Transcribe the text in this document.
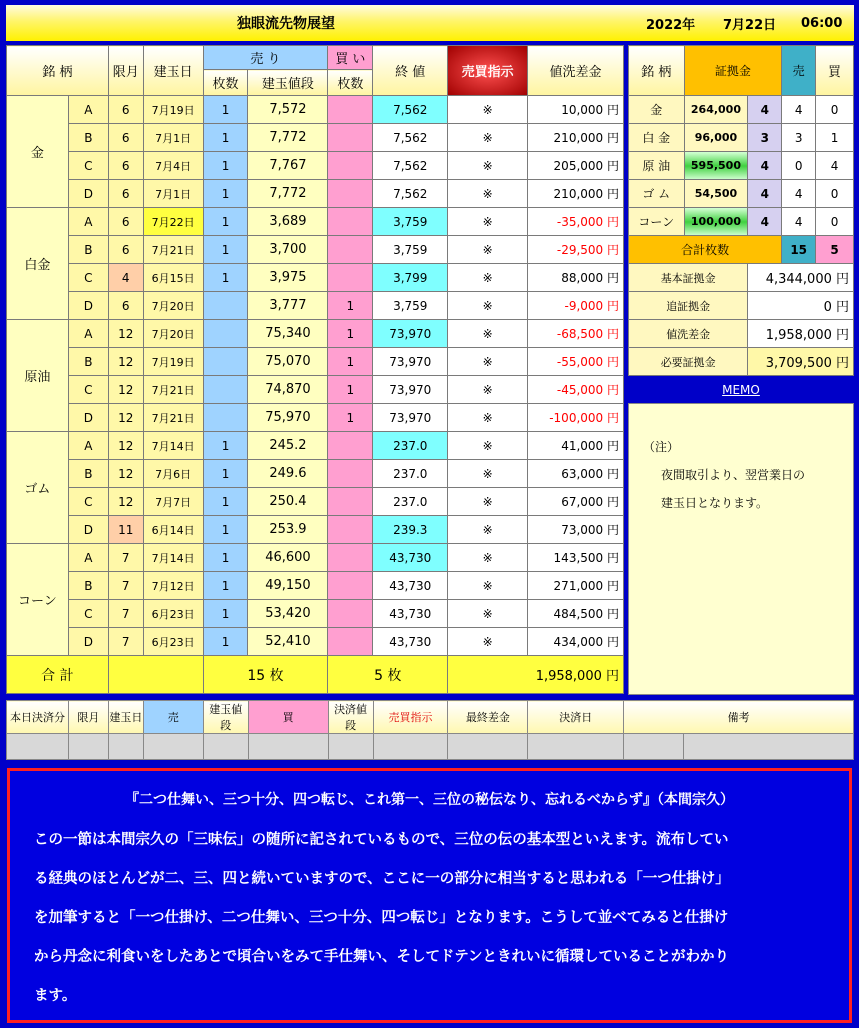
独眼流先物展望	2022年 7月22日 06:00
銘 柄		限月	建玉日	売 り		買 い	終 値	売買指示	値洗差金
				枚数	建玉値段	枚数			
金	A	6	7月19日	1	7,572		7,562	※	10,000 円
	B	6	7月1日	1	7,772		7,562	※	210,000 円
	C	6	7月4日	1	7,767		7,562	※	205,000 円
	D	6	7月1日	1	7,772		7,562	※	210,000 円
白金	A	6	7月22日	1	3,689		3,759	※	-35,000 円
	B	6	7月21日	1	3,700		3,759	※	-29,500 円
	C	4	6月15日	1	3,975		3,799	※	88,000 円
	D	6	7月20日		3,777	1	3,759	※	-9,000 円
原油	A	12	7月20日		75,340	1	73,970	※	-68,500 円
	B	12	7月19日		75,070	1	73,970	※	-55,000 円
	C	12	7月21日		74,870	1	73,970	※	-45,000 円
	D	12	7月21日		75,970	1	73,970	※	-100,000 円
ゴム	A	12	7月14日	1	245.2		237.0	※	41,000 円
	B	12	7月6日	1	249.6		237.0	※	63,000 円
	C	12	7月7日	1	250.4		237.0	※	67,000 円
	D	11	6月14日	1	253.9		239.3	※	73,000 円
コーン	A	7	7月14日	1	46,600		43,730	※	143,500 円
	B	7	7月12日	1	49,150		43,730	※	271,000 円
	C	7	6月23日	1	53,420		43,730	※	484,500 円
	D	7	6月23日	1	52,410		43,730	※	434,000 円
合 計				15 枚		5 枚		1,958,000 円	
銘 柄	証拠金		売	買
金	264,000	4	4	0
白 金	96,000	3	3	1
原 油	595,500	4	0	4
ゴ ム	54,500	4	4	0
コーン	100,000	4	4	0
合計枚数			15	5
基本証拠金		4,344,000 円		
追証拠金		0 円		
値洗差金		1,958,000 円		
必要証拠金		3,709,500 円		
MEMO
（注）
夜間取引より、翌営業日の
建玉日となります。
本日決済分	限月	建玉日	売	建玉値段	買	決済値段	売買指示	最終差金	決済日	備考	

『二つ仕舞い、三つ十分、四つ転じ、これ第一、三位の秘伝なり、忘れるべからず』（本間宗久）
この一節は本間宗久の「三味伝」の随所に記されているもので、三位の伝の基本型といえます。流布してい
る経典のほとんどが二、三、四と続いていますので、ここに一の部分に相当すると思われる「一つ仕掛け」
を加筆すると「一つ仕掛け、二つ仕舞い、三つ十分、四つ転じ」となります。こうして並べてみると仕掛け
から丹念に利食いをしたあとで頃合いをみて手仕舞い、そしてドテンときれいに循環していることがわかり
ます。
